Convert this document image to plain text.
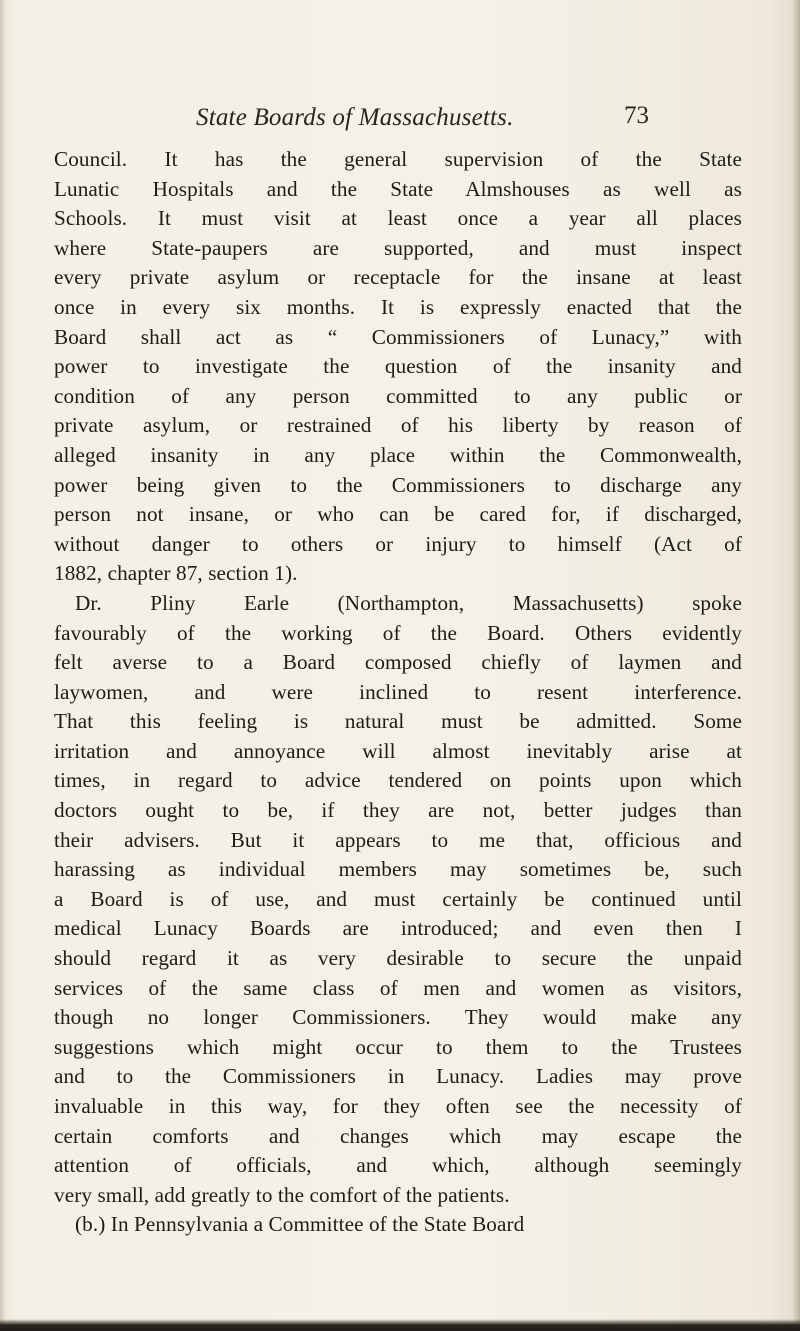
State Boards of Massachusetts.	73
Council. It has the general supervision of the State
Lunatic Hospitals and the State Almshouses as well as
Schools. It must visit at least once a year all places
where State-paupers are supported, and must inspect
every private asylum or receptacle for the insane at least
once in every six months. It is expressly enacted that the
Board shall act as “ Commissioners of Lunacy,” with
power to investigate the question of the insanity and
condition of any person committed to any public or
private asylum, or restrained of his liberty by reason of
alleged insanity in any place within the Commonwealth,
power being given to the Commissioners to discharge any
person not insane, or who can be cared for, if discharged,
without danger to others or injury to himself (Act of
1882, chapter 87, section 1).
Dr. Pliny Earle (Northampton, Massachusetts) spoke
favourably of the working of the Board. Others evidently
felt averse to a Board composed chiefly of laymen and
laywomen, and were inclined to resent interference.
That this feeling is natural must be admitted. Some
irritation and annoyance will almost inevitably arise at
times, in regard to advice tendered on points upon which
doctors ought to be, if they are not, better judges than
their advisers. But it appears to me that, officious and
harassing as individual members may sometimes be, such
a Board is of use, and must certainly be continued until
medical Lunacy Boards are introduced; and even then I
should regard it as very desirable to secure the unpaid
services of the same class of men and women as visitors,
though no longer Commissioners. They would make any
suggestions which might occur to them to the Trustees
and to the Commissioners in Lunacy. Ladies may prove
invaluable in this way, for they often see the necessity of
certain comforts and changes which may escape the
attention of officials, and which, although seemingly
very small, add greatly to the comfort of the patients.
(b.) In Pennsylvania a Committee of the State Board
